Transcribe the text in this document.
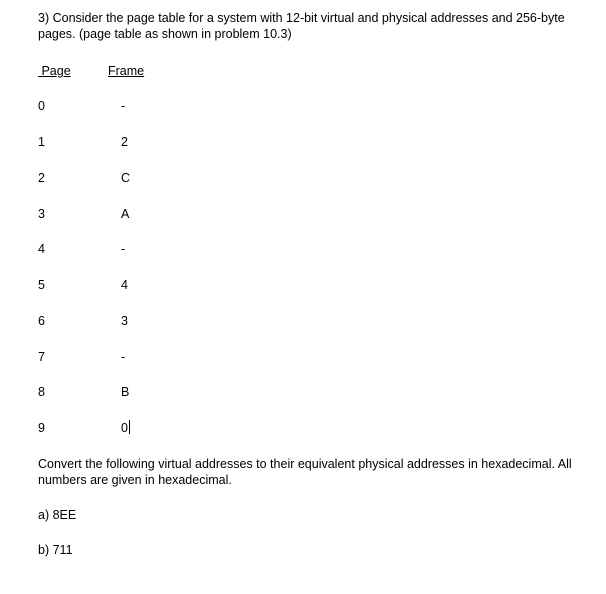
3) Consider the page table for a system with 12-bit virtual and physical addresses and 256-byte pages. (page table as shown in problem 10.3)

Page	Frame
0	-
1	2
2	C
3	A
4	-
5	4
6	3
7	-
8	B
9	0

Convert the following virtual addresses to their equivalent physical addresses in hexadecimal. All numbers are given in hexadecimal.

a) 8EE
b) 711
